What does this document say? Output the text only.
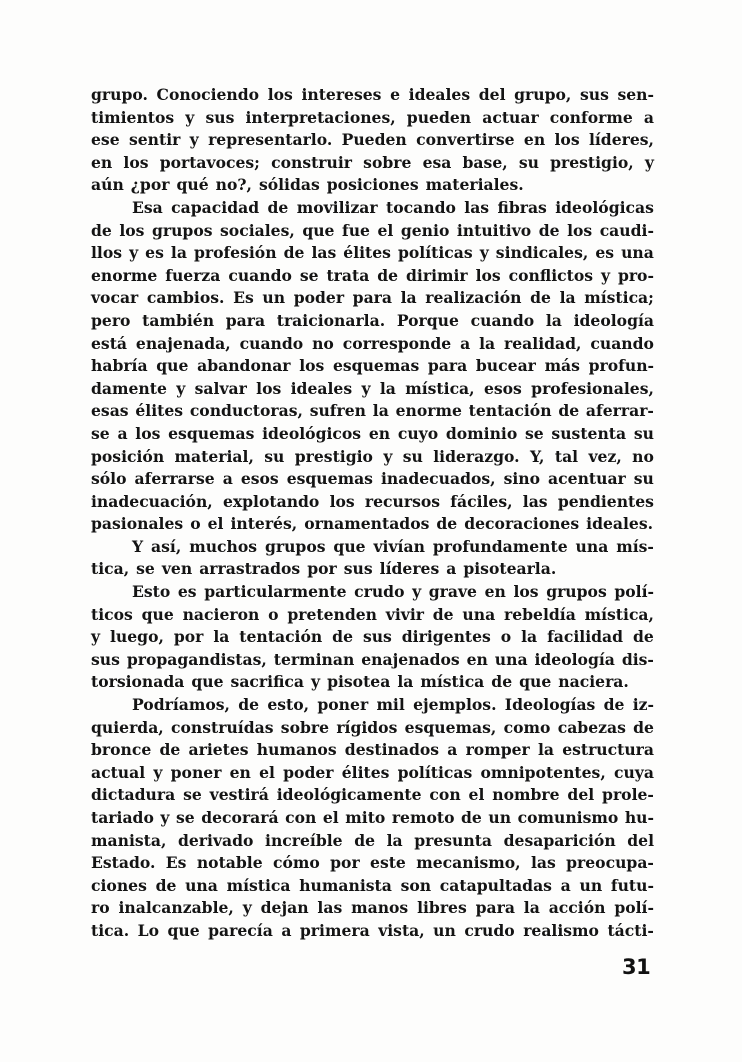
grupo. Conociendo los intereses e ideales del grupo, sus sen-
timientos y sus interpretaciones, pueden actuar conforme a
ese sentir y representarlo. Pueden convertirse en los líderes,
en los portavoces; construir sobre esa base, su prestigio, y
aún ¿por qué no?, sólidas posiciones materiales.
Esa capacidad de movilizar tocando las fibras ideológicas
de los grupos sociales, que fue el genio intuitivo de los caudi-
llos y es la profesión de las élites políticas y sindicales, es una
enorme fuerza cuando se trata de dirimir los conflictos y pro-
vocar cambios. Es un poder para la realización de la mística;
pero también para traicionarla. Porque cuando la ideología
está enajenada, cuando no corresponde a la realidad, cuando
habría que abandonar los esquemas para bucear más profun-
damente y salvar los ideales y la mística, esos profesionales,
esas élites conductoras, sufren la enorme tentación de aferrar-
se a los esquemas ideológicos en cuyo dominio se sustenta su
posición material, su prestigio y su liderazgo. Y, tal vez, no
sólo aferrarse a esos esquemas inadecuados, sino acentuar su
inadecuación, explotando los recursos fáciles, las pendientes
pasionales o el interés, ornamentados de decoraciones ideales.
Y así, muchos grupos que vivían profundamente una mís-
tica, se ven arrastrados por sus líderes a pisotearla.
Esto es particularmente crudo y grave en los grupos polí-
ticos que nacieron o pretenden vivir de una rebeldía mística,
y luego, por la tentación de sus dirigentes o la facilidad de
sus propagandistas, terminan enajenados en una ideología dis-
torsionada que sacrifica y pisotea la mística de que naciera.
Podríamos, de esto, poner mil ejemplos. Ideologías de iz-
quierda, construídas sobre rígidos esquemas, como cabezas de
bronce de arietes humanos destinados a romper la estructura
actual y poner en el poder élites políticas omnipotentes, cuya
dictadura se vestirá ideológicamente con el nombre del prole-
tariado y se decorará con el mito remoto de un comunismo hu-
manista, derivado increíble de la presunta desaparición del
Estado. Es notable cómo por este mecanismo, las preocupa-
ciones de una mística humanista son catapultadas a un futu-
ro inalcanzable, y dejan las manos libres para la acción polí-
tica. Lo que parecía a primera vista, un crudo realismo tácti-
31
